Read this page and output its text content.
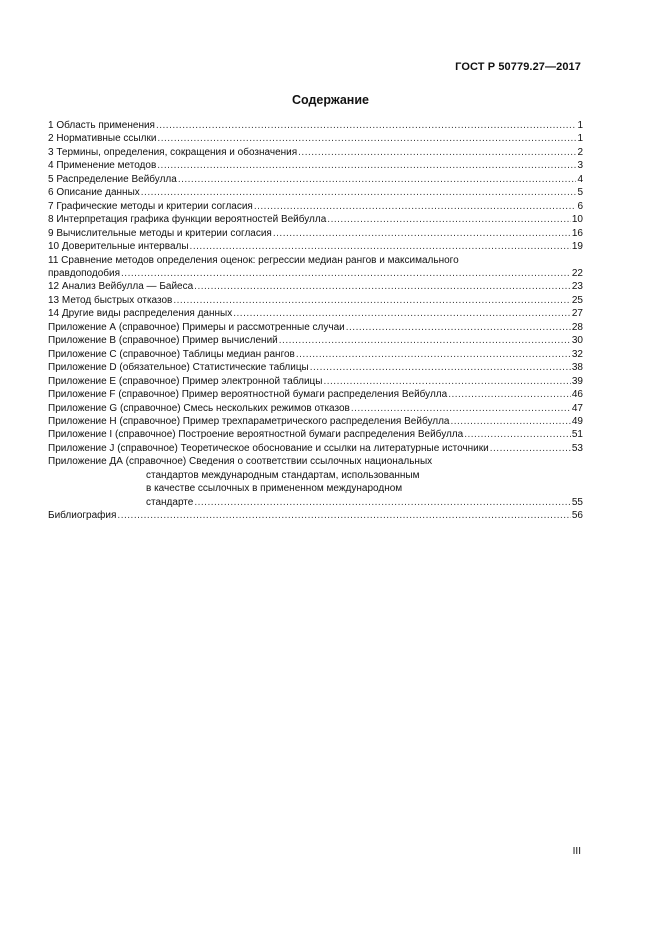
ГОСТ Р 50779.27—2017
Содержание
1 Область применения .....	1
2 Нормативные ссылки .....	1
3 Термины, определения, сокращения и обозначения .....	2
4 Применение методов .....	3
5 Распределение Вейбулла .....	4
6 Описание данных .....	5
7 Графические методы и критерии согласия .....	6
8 Интерпретация графика функции вероятностей Вейбулла .....	10
9 Вычислительные методы и критерии согласия .....	16
10 Доверительные интервалы .....	19
11 Сравнение методов определения оценок: регрессии медиан рангов и максимального
правдоподобия .....	22
12 Анализ Вейбулла — Байеса .....	23
13 Метод быстрых отказов .....	25
14 Другие виды распределения данных .....	27
Приложение А (справочное) Примеры и рассмотренные случаи .....	28
Приложение В (справочное) Пример вычислений .....	30
Приложение С (справочное) Таблицы медиан рангов .....	32
Приложение D (обязательное) Статистические таблицы .....	38
Приложение Е (справочное) Пример электронной таблицы .....	39
Приложение F (справочное) Пример вероятностной бумаги распределения Вейбулла .....	46
Приложение G (справочное) Смесь нескольких режимов отказов .....	47
Приложение Н (справочное) Пример трехпараметрического распределения Вейбулла .....	49
Приложение I (справочное) Построение вероятностной бумаги распределения Вейбулла .....	51
Приложение J (справочное) Теоретическое обоснование и ссылки на литературные источники .....	53
Приложение ДА (справочное) Сведения о соответствии ссылочных национальных
стандартов международным стандартам, использованным
в качестве ссылочных в примененном международном
стандарте .....	55
Библиография .....	56
III
